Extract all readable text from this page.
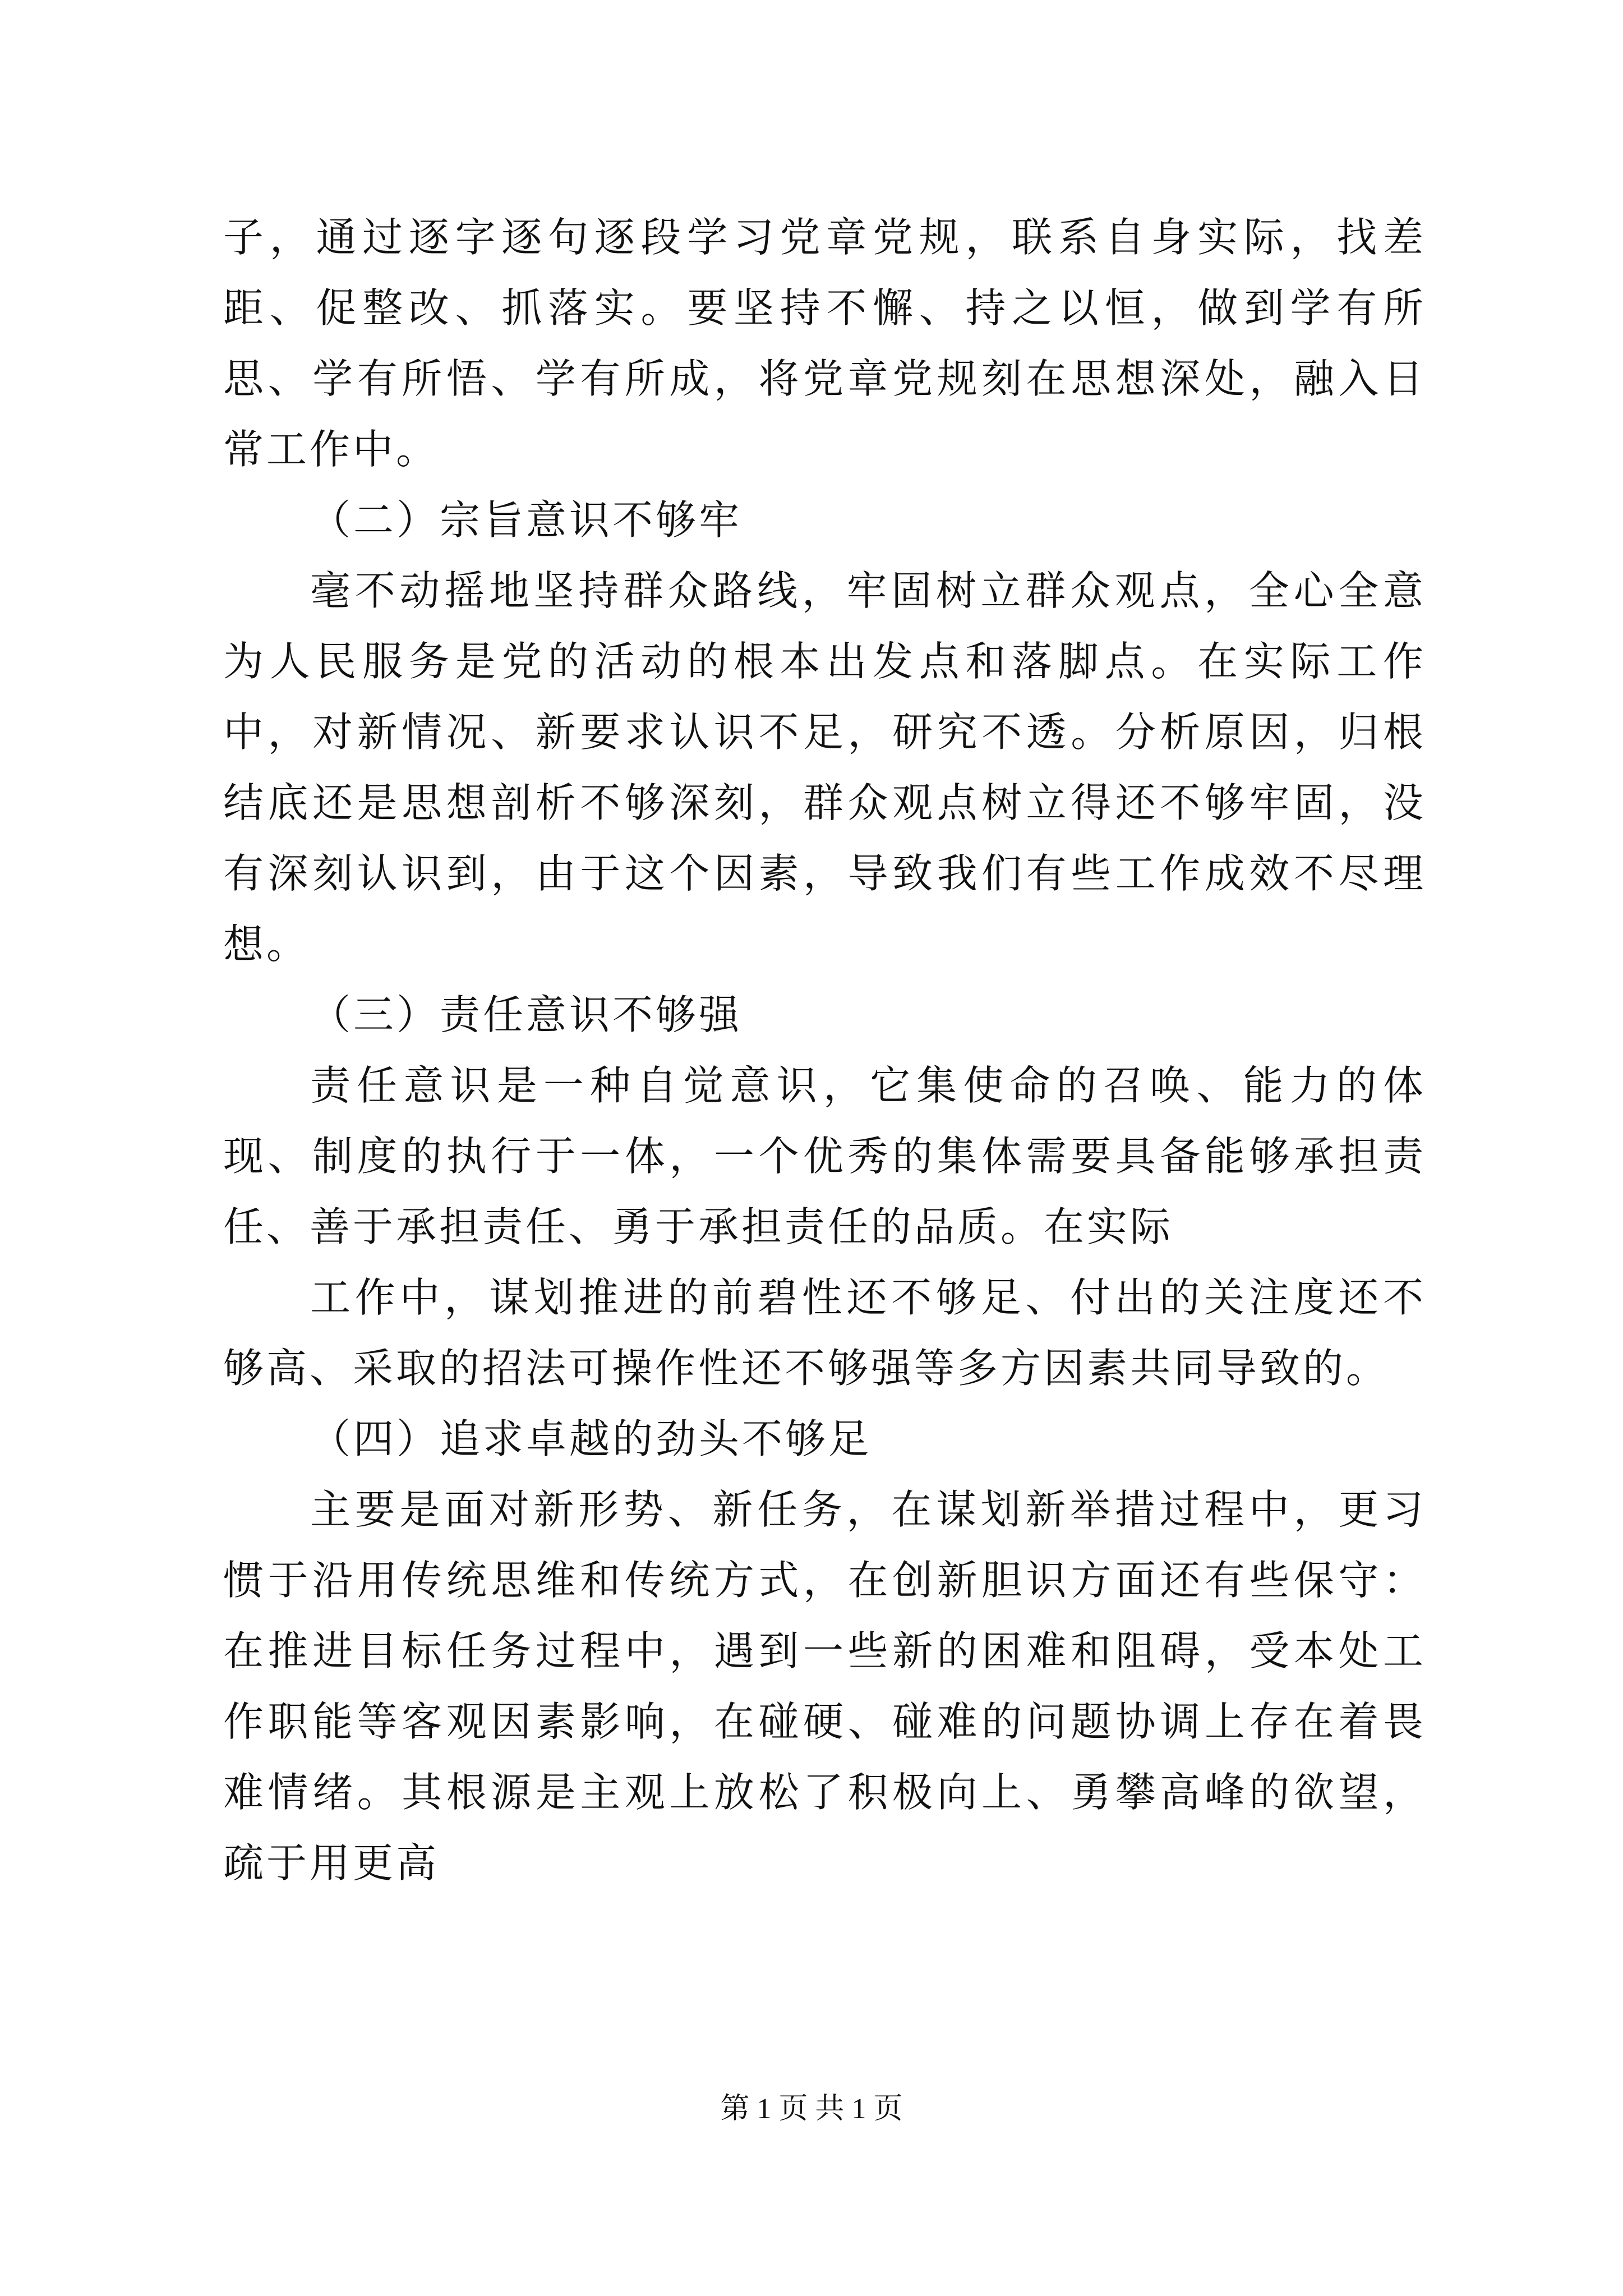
子，通过逐字逐句逐段学习党章党规，联系自身实际，找差距、促整改、抓落实。要坚持不懈、持之以恒，做到学有所思、学有所悟、学有所成，将党章党规刻在思想深处，融入日常工作中。

（二）宗旨意识不够牢

毫不动摇地坚持群众路线，牢固树立群众观点，全心全意为人民服务是党的活动的根本出发点和落脚点。在实际工作中，对新情况、新要求认识不足，研究不透。分析原因，归根结底还是思想剖析不够深刻，群众观点树立得还不够牢固，没有深刻认识到，由于这个因素，导致我们有些工作成效不尽理想。

（三）责任意识不够强

责任意识是一种自觉意识，它集使命的召唤、能力的体现、制度的执行于一体，一个优秀的集体需要具备能够承担责任、善于承担责任、勇于承担责任的品质。在实际

工作中，谋划推进的前碧性还不够足、付出的关注度还不够高、采取的招法可操作性还不够强等多方因素共同导致的。

（四）追求卓越的劲头不够足

主要是面对新形势、新任务，在谋划新举措过程中，更习惯于沿用传统思维和传统方式，在创新胆识方面还有些保守：在推进目标任务过程中，遇到一些新的困难和阻碍，受本处工作职能等客观因素影响，在碰硬、碰难的问题协调上存在着畏难情绪。其根源是主观上放松了积极向上、勇攀高峰的欲望，疏于用更高

第 1 页 共 1 页
